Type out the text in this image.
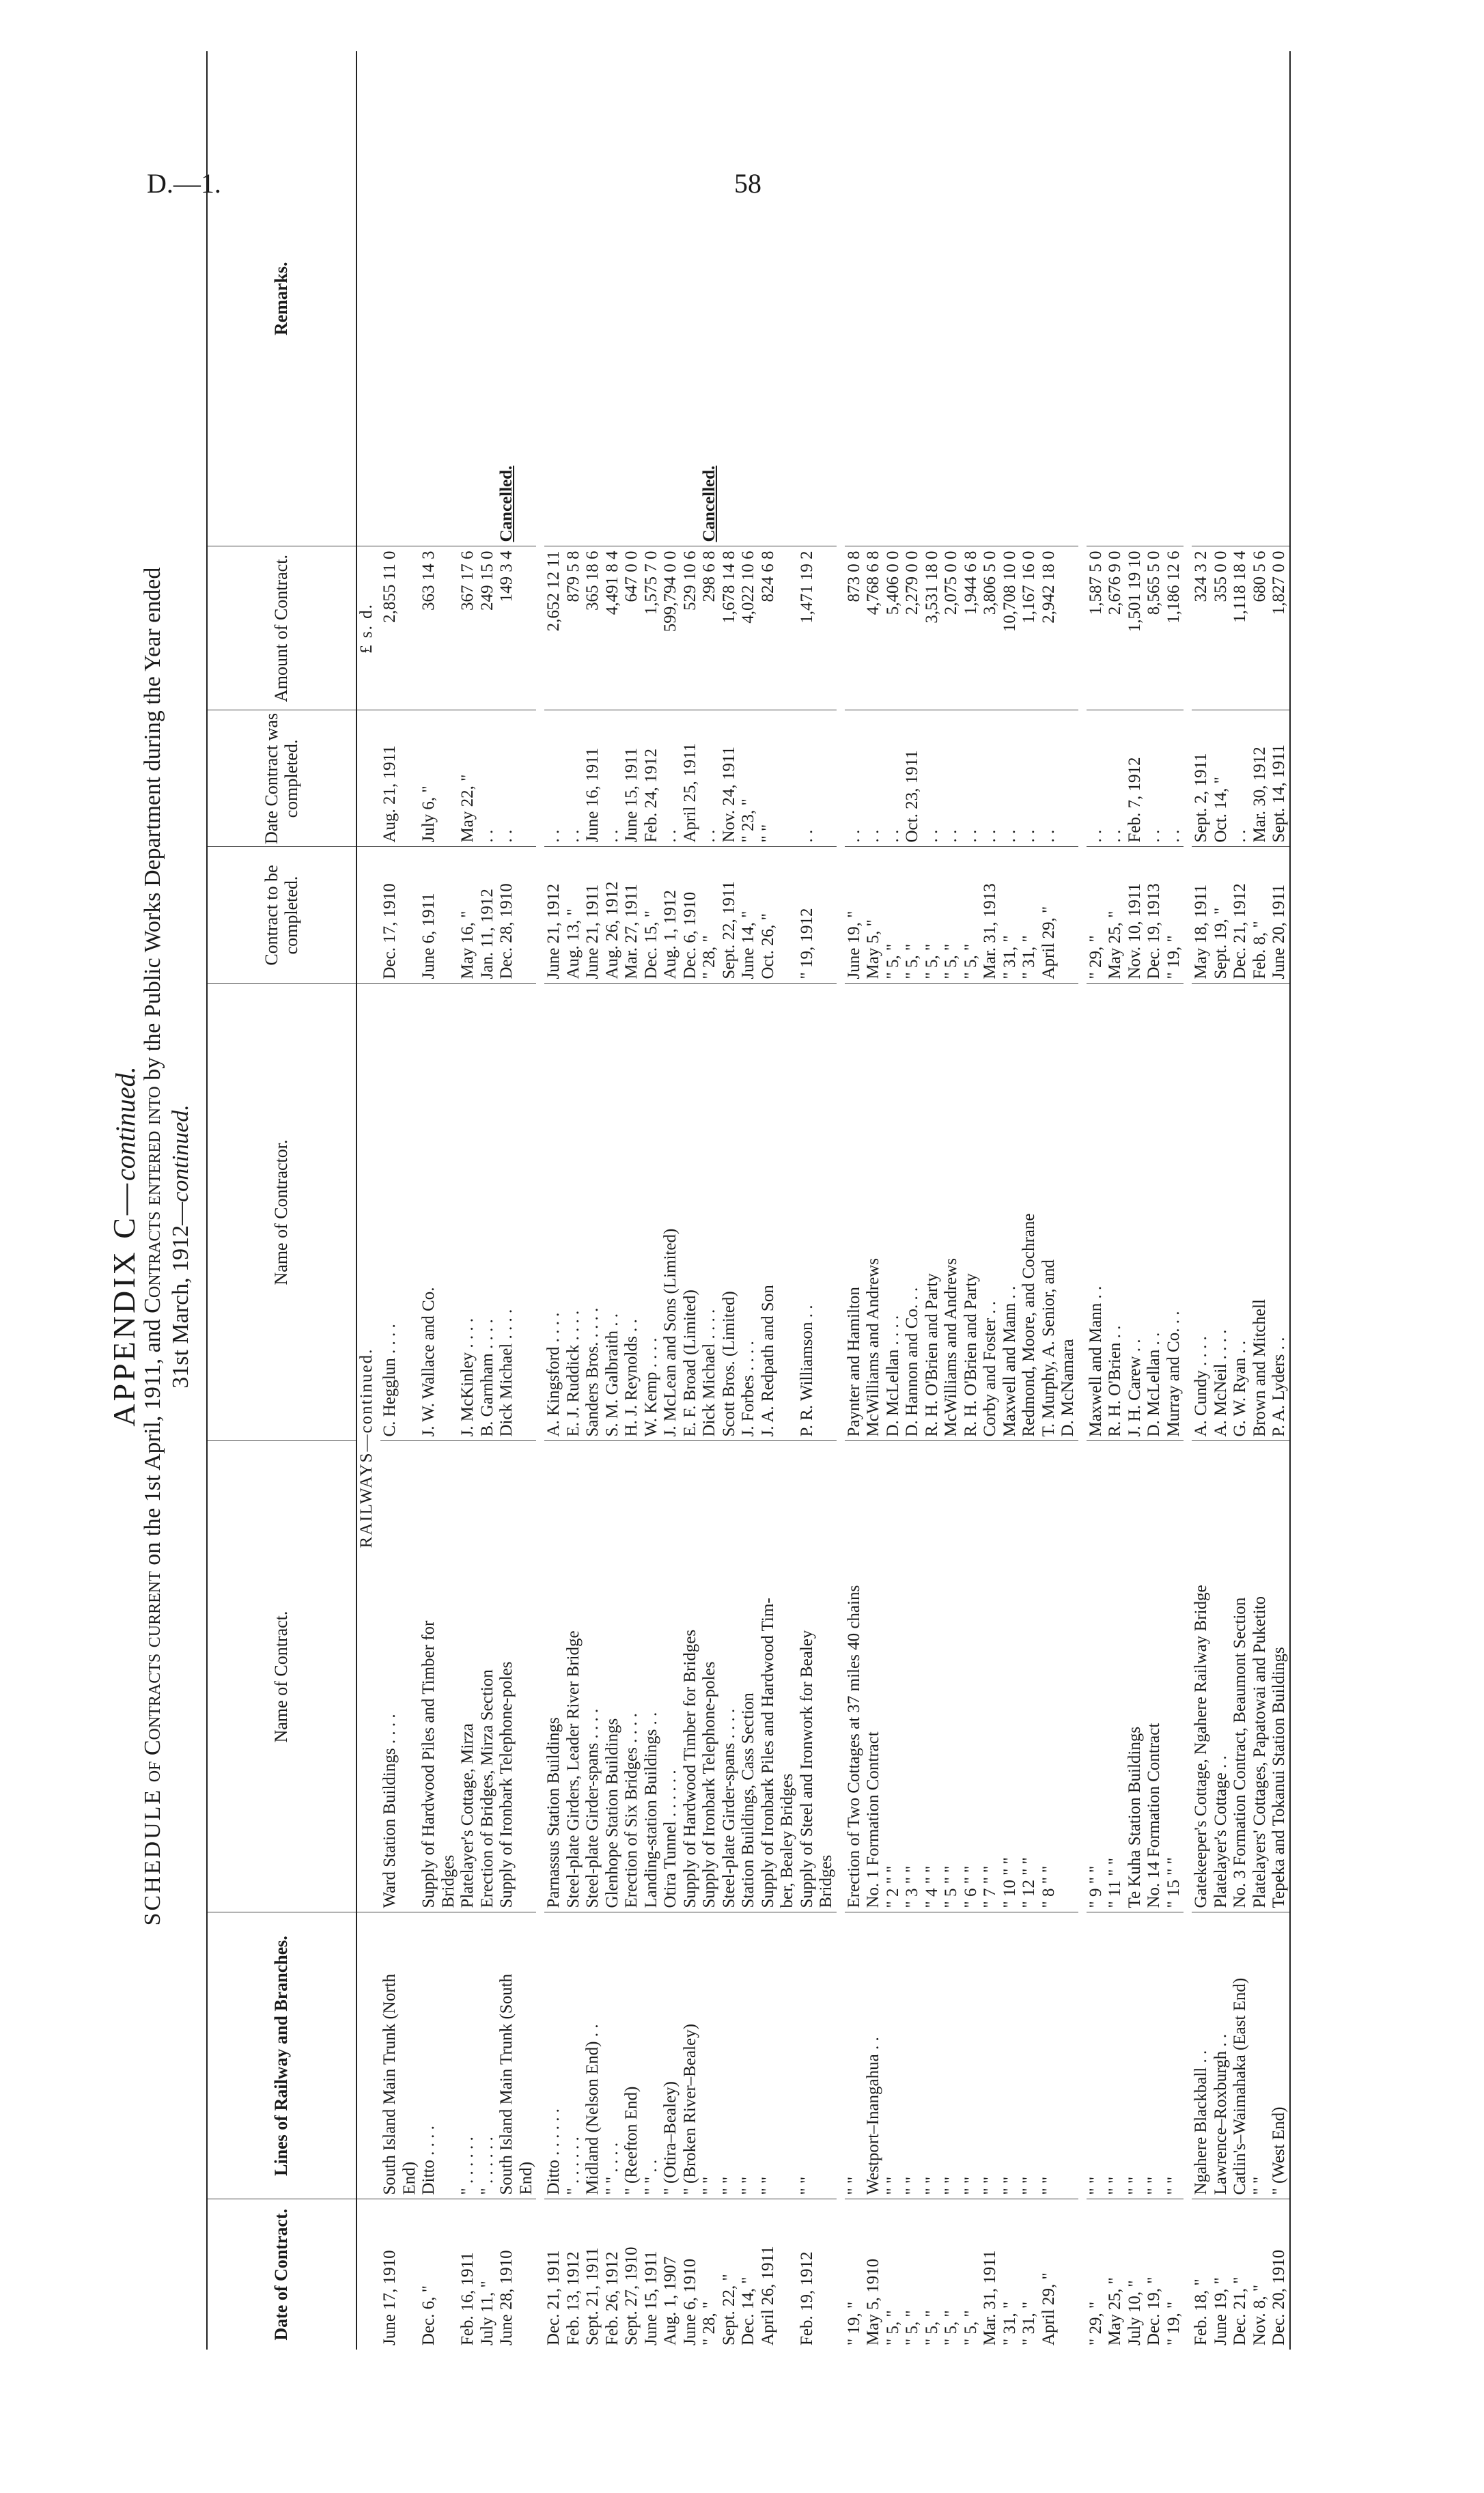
D.—1.	58
APPENDIX C—continued.
SCHEDULE of Contracts current on the 1st April, 1911, and Contracts entered into by the Public Works Department during the Year ended
31st March, 1912—continued.
Date of Contract.	Lines of Railway and Branches.	Name of Contract.	Name of Contractor.	Contract to be completed.	Date Contract was completed.	Amount of Contract.	Remarks.
		RAILWAYS—continued.				£ s. d.	
June 17, 1910	South Island Main Trunk (North	Ward Station Buildings . . . .	C. Hegglun . . . .	Dec. 17, 1910	Aug. 21, 1911	2,855 11 0	
	End)						
Dec. 6, "	Ditto . . . .	Supply of Hardwood Piles and Timber for	J. W. Wallace and Co.	June 6, 1911	July 6, "	363 14 3	
		Bridges					
Feb. 16, 1911	" . . . . . .	Platelayer's Cottage, Mirza	J. McKinley . . . .	May 16, "	May 22, "	367 17 6	
July 11, "	" . . . . . .	Erection of Bridges, Mirza Section	B. Garnham . . . .	Jan. 11, 1912	. .	249 15 0	
June 28, 1910	South Island Main Trunk (South	Supply of Ironbark Telephone-poles	Dick Michael . . . .	Dec. 28, 1910	. .	149 3 4	Cancelled.
	End)						

Dec. 21, 1911	Ditto . . . . . .	Parnassus Station Buildings	A. Kingsford . . . .	June 21, 1912	. .	2,652 12 11	
Feb. 13, 1912	" . . . . . .	Steel-plate Girders, Leader River Bridge	E. J. Ruddick . . . .	Aug. 13, "	. .	879 5 8	
Sept. 21, 1911	Midland (Nelson End) . .	Steel-plate Girder-spans . . . .	Sanders Bros. . . . .	June 21, 1911	June 16, 1911	365 18 6	
Feb. 26, 1912	" " . . . .	Glenhope Station Buildings	S. M. Galbraith . .	Aug. 26, 1912	. .	4,491 8 4	
Sept. 27, 1910	" (Reefton End)	Erection of Six Bridges . . . .	H. J. Reynolds . .	Mar. 27, 1911	June 15, 1911	647 0 0	
June 15, 1911	" " . .	Landing-station Buildings . .	W. Kemp . . . .	Dec. 15, "	Feb. 24, 1912	1,575 7 0	
Aug. 1, 1907	" (Otira–Bealey)	Otira Tunnel . . . . . .	J. McLean and Sons (Limited)	Aug. 1, 1912	. .	599,794 0 0	
June 6, 1910	" (Broken River–Bealey)	Supply of Hardwood Timber for Bridges	E. F. Broad (Limited)	Dec. 6, 1910	April 25, 1911	529 10 6	
" 28, "	" "	Supply of Ironbark Telephone-poles	Dick Michael . . . .	" 28, "	. .	298 6 8	Cancelled.
Sept. 22, "	" "	Steel-plate Girder-spans . . . .	Scott Bros. (Limited)	Sept. 22, 1911	Nov. 24, 1911	1,678 14 8	
Dec. 14, "	" "	Station Buildings, Cass Section	J. Forbes . . . .	June 14, "	" 23, "	4,022 10 6	
April 26, 1911	" "	Supply of Ironbark Piles and Hardwood Tim-	J. A. Redpath and Son	Oct. 26, "	" "	824 6 8	
		ber, Bealey Bridges					
Feb. 19, 1912	" "	Supply of Steel and Ironwork for Bealey	P. R. Williamson . .	" 19, 1912	. .	1,471 19 2	
		Bridges					

" 19, "	" "	Erection of Two Cottages at 37 miles 40 chains	Paynter and Hamilton	June 19, "	. .	873 0 8	
May 5, 1910	Westport–Inangahua . .	No. 1 Formation Contract	McWilliams and Andrews	May 5, "	. .	4,768 6 8	
" 5, "	" "	" 2 " "	D. McLellan . . . .	" 5, "	. .	5,406 0 0	
" 5, "	" "	" 3 " "	D. Hannon and Co. . .	" 5, "	Oct. 23, 1911	2,279 0 0	
" 5, "	" "	" 4 " "	R. H. O'Brien and Party	" 5, "	. .	3,531 18 0	
" 5, "	" "	" 5 " "	McWilliams and Andrews	" 5, "	. .	2,075 0 0	
" 5, "	" "	" 6 " "	R. H. O'Brien and Party	" 5, "	. .	1,944 6 8	
Mar. 31, 1911	" "	" 7 " "	Corby and Foster . .	Mar. 31, 1913	. .	3,806 5 0	
" 31, "	" "	" 10 " "	Maxwell and Mann . .	" 31, "	. .	10,708 10 0	
" 31, "	" "	" 12 " "	Redmond, Moore, and Cochrane	" 31, "	. .	1,167 16 0	
April 29, "	" "	" 8 " "	T. Murphy, A. Senior, and	April 29, "	. .	2,942 18 0	
			D. McNamara				

" 29, "	" "	" 9 " "	Maxwell and Mann . .	" 29, "	. .	1,587 5 0	
May 25, "	" "	" 11 " "	R. H. O'Brien . .	May 25, "	. .	2,676 9 0	
July 10, "	" "	Te Kuha Station Buildings	J. H. Carew . .	Nov. 10, 1911	Feb. 7, 1912	1,501 19 10	
Dec. 19, "	" "	No. 14 Formation Contract	D. McLellan . .	Dec. 19, 1913	. .	8,565 5 0	
" 19, "	" "	" 15 " "	Murray and Co. . .	" 19, "	. .	1,186 12 6	

Feb. 18, "	Ngahere Blackball . .	Gatekeeper's Cottage, Ngahere Railway Bridge	A. Cundy . . . .	May 18, 1911	Sept. 2, 1911	324 3 2	
June 19, "	Lawrence–Roxburgh . .	Platelayer's Cottage . .	A. McNeil . . . .	Sept. 19, "	Oct. 14, "	355 0 0	
Dec. 21, "	Catlin's–Waimahaka (East End)	No. 3 Formation Contract, Beaumont Section	G. W. Ryan . .	Dec. 21, 1912	. .	1,118 18 4	
Nov. 8, "	" "	Platelayers' Cottages, Papatowai and Puketito	Brown and Mitchell	Feb. 8, "	Mar. 30, 1912	680 5 6	
Dec. 20, 1910	" (West End)	Tepeka and Tokanui Station Buildings	P. A. Lyders . .	June 20, 1911	Sept. 14, 1911	1,827 0 0	
